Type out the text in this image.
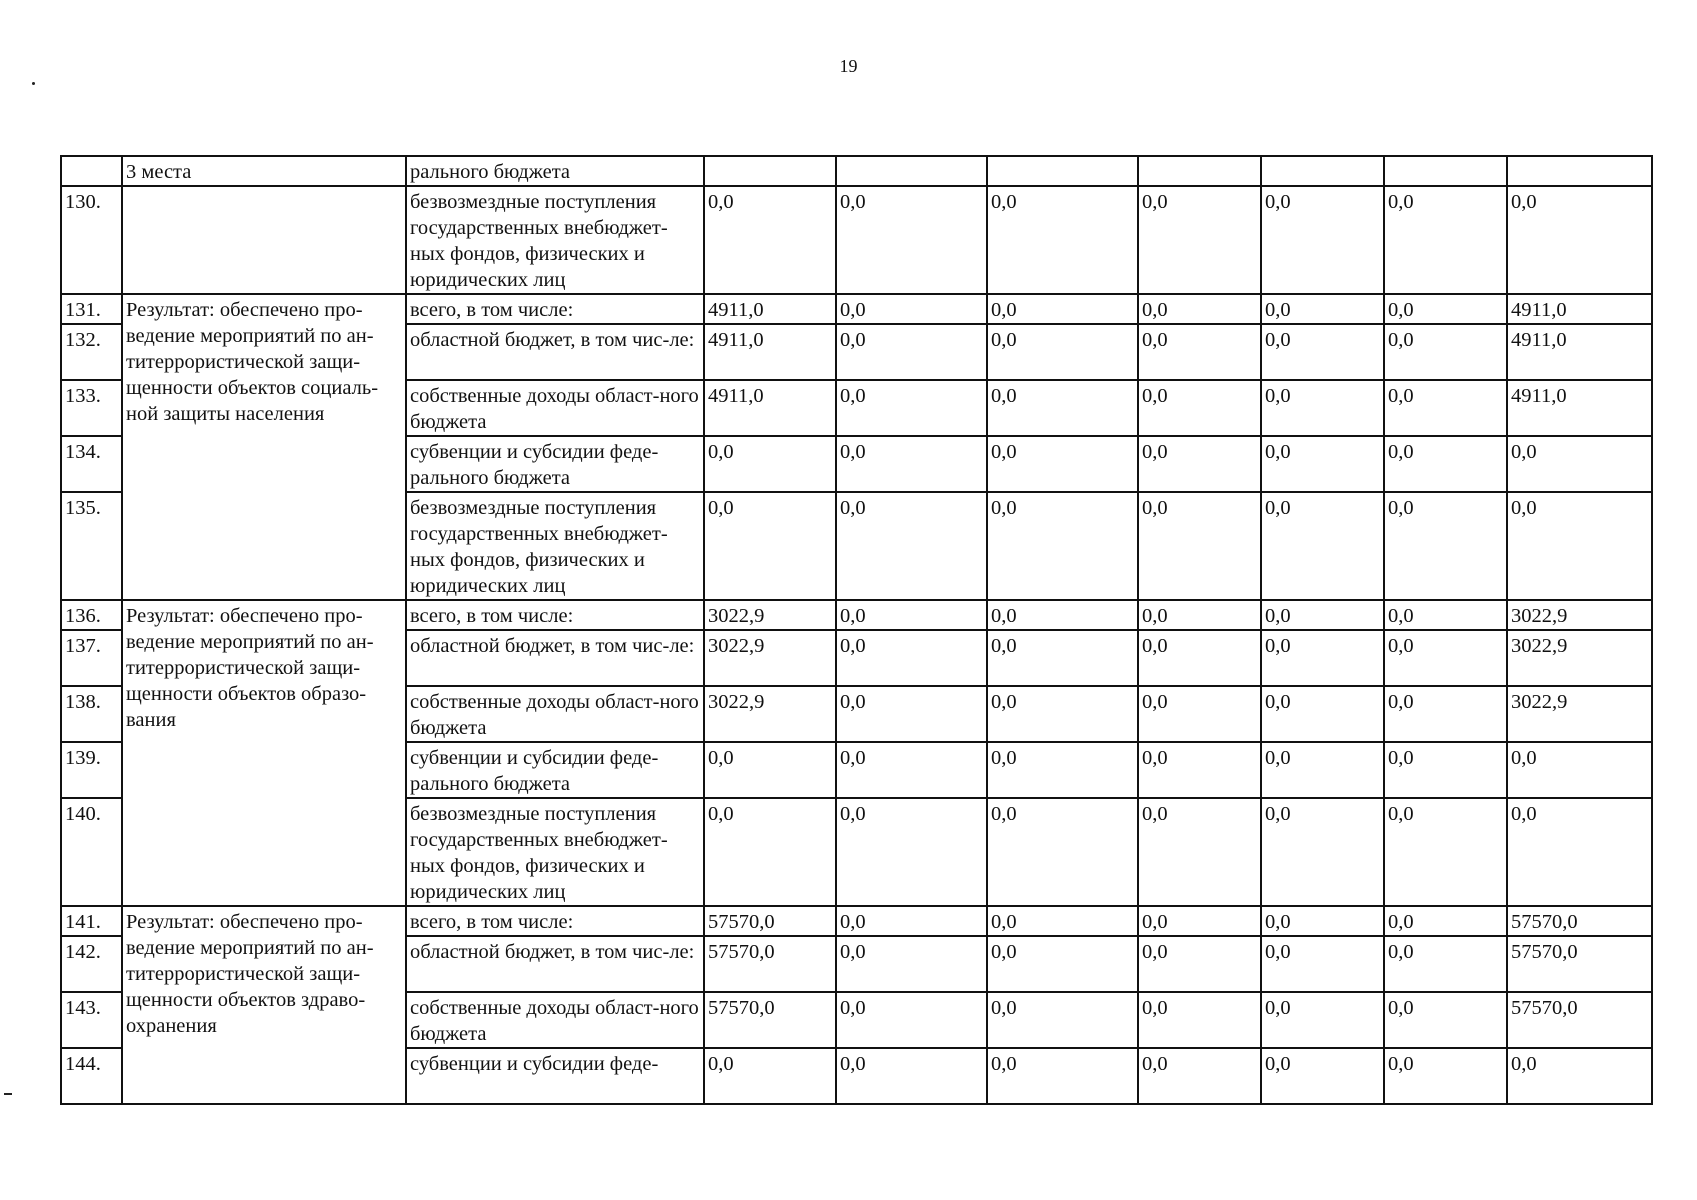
19
	3 места	рального бюджета							
130.		безвозмездные поступления государственных внебюджет-ных фондов, физических и юридических лиц	0,0	0,0	0,0	0,0	0,0	0,0	0,0
131.	Результат: обеспечено про-ведение мероприятий по ан-титеррористической защи-щенности объектов социаль-ной защиты населения	всего, в том числе:	4911,0	0,0	0,0	0,0	0,0	0,0	4911,0
132.		областной бюджет, в том чис-ле:	4911,0	0,0	0,0	0,0	0,0	0,0	4911,0
133.		собственные доходы област-ного бюджета	4911,0	0,0	0,0	0,0	0,0	0,0	4911,0
134.		субвенции и субсидии феде-рального бюджета	0,0	0,0	0,0	0,0	0,0	0,0	0,0
135.		безвозмездные поступления государственных внебюджет-ных фондов, физических и юридических лиц	0,0	0,0	0,0	0,0	0,0	0,0	0,0
136.	Результат: обеспечено про-ведение мероприятий по ан-титеррористической защи-щенности объектов образо-вания	всего, в том числе:	3022,9	0,0	0,0	0,0	0,0	0,0	3022,9
137.		областной бюджет, в том чис-ле:	3022,9	0,0	0,0	0,0	0,0	0,0	3022,9
138.		собственные доходы област-ного бюджета	3022,9	0,0	0,0	0,0	0,0	0,0	3022,9
139.		субвенции и субсидии феде-рального бюджета	0,0	0,0	0,0	0,0	0,0	0,0	0,0
140.		безвозмездные поступления государственных внебюджет-ных фондов, физических и юридических лиц	0,0	0,0	0,0	0,0	0,0	0,0	0,0
141.	Результат: обеспечено про-ведение мероприятий по ан-титеррористической защи-щенности объектов здраво-охранения	всего, в том числе:	57570,0	0,0	0,0	0,0	0,0	0,0	57570,0
142.		областной бюджет, в том чис-ле:	57570,0	0,0	0,0	0,0	0,0	0,0	57570,0
143.		собственные доходы област-ного бюджета	57570,0	0,0	0,0	0,0	0,0	0,0	57570,0
144.		субвенции и субсидии феде-	0,0	0,0	0,0	0,0	0,0	0,0	0,0
